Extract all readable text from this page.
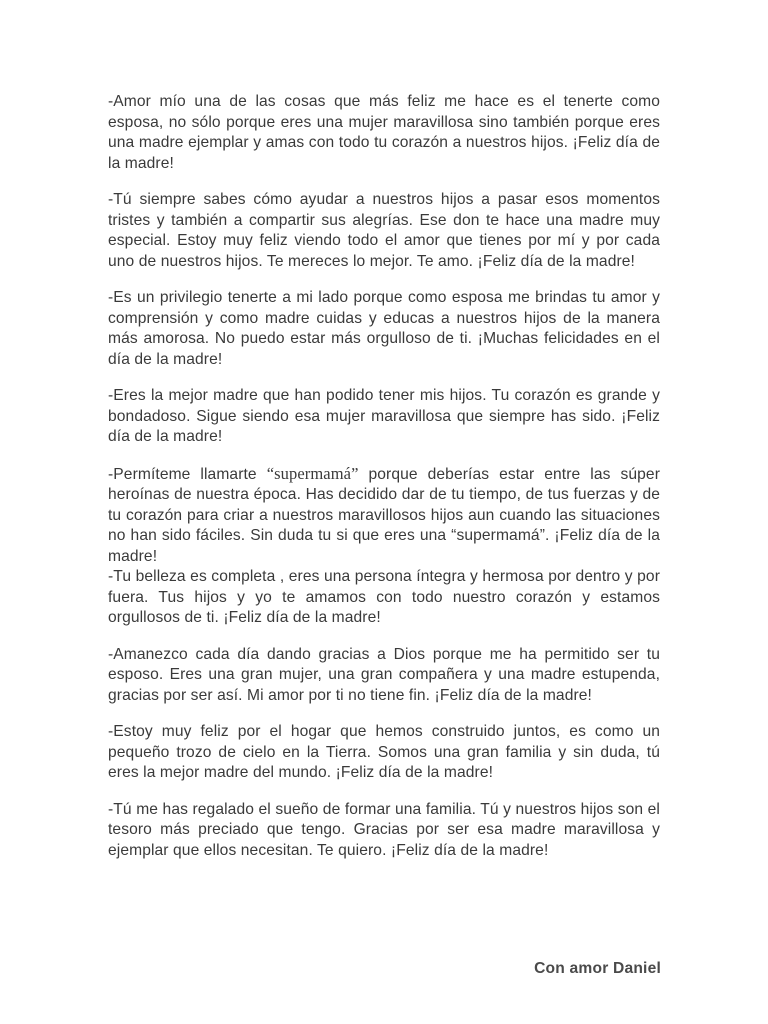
-Amor mío una de las cosas que más feliz me hace es el tenerte como esposa, no sólo porque eres una mujer maravillosa sino también porque eres una madre ejemplar y amas con todo tu corazón a nuestros hijos. ¡Feliz día de la madre!

-Tú siempre sabes cómo ayudar a nuestros hijos a pasar esos momentos tristes y también a compartir sus alegrías. Ese don te hace una madre muy especial. Estoy muy feliz viendo todo el amor que tienes por mí y por cada uno de nuestros hijos. Te mereces lo mejor. Te amo. ¡Feliz día de la madre!

-Es un privilegio tenerte a mi lado porque como esposa me brindas tu amor y comprensión y como madre cuidas y educas a nuestros hijos de la manera más amorosa. No puedo estar más orgulloso de ti. ¡Muchas felicidades en el día de la madre!

-Eres la mejor madre que han podido tener mis hijos. Tu corazón es grande y bondadoso. Sigue siendo esa mujer maravillosa que siempre has sido. ¡Feliz día de la madre!

-Permíteme llamarte “supermamá” porque deberías estar entre las súper heroínas de nuestra época. Has decidido dar de tu tiempo, de tus fuerzas y de tu corazón para criar a nuestros maravillosos hijos aun cuando las situaciones no han sido fáciles. Sin duda tu si que eres una “supermamá”. ¡Feliz día de la madre!

-Tu belleza es completa , eres una persona íntegra y hermosa por dentro y por fuera. Tus hijos y yo te amamos con todo nuestro corazón y estamos orgullosos de ti. ¡Feliz día de la madre!

-Amanezco cada día dando gracias a Dios porque me ha permitido ser tu esposo. Eres una gran mujer, una gran compañera y una madre estupenda, gracias por ser así. Mi amor por ti no tiene fin. ¡Feliz día de la madre!

-Estoy muy feliz por el hogar que hemos construido juntos, es como un pequeño trozo de cielo en la Tierra. Somos una gran familia y sin duda, tú eres la mejor madre del mundo. ¡Feliz día de la madre!

-Tú me has regalado el sueño de formar una familia. Tú y nuestros hijos son el tesoro más preciado que tengo. Gracias por ser esa madre maravillosa y ejemplar que ellos necesitan. Te quiero. ¡Feliz día de la madre!

Con amor Daniel
